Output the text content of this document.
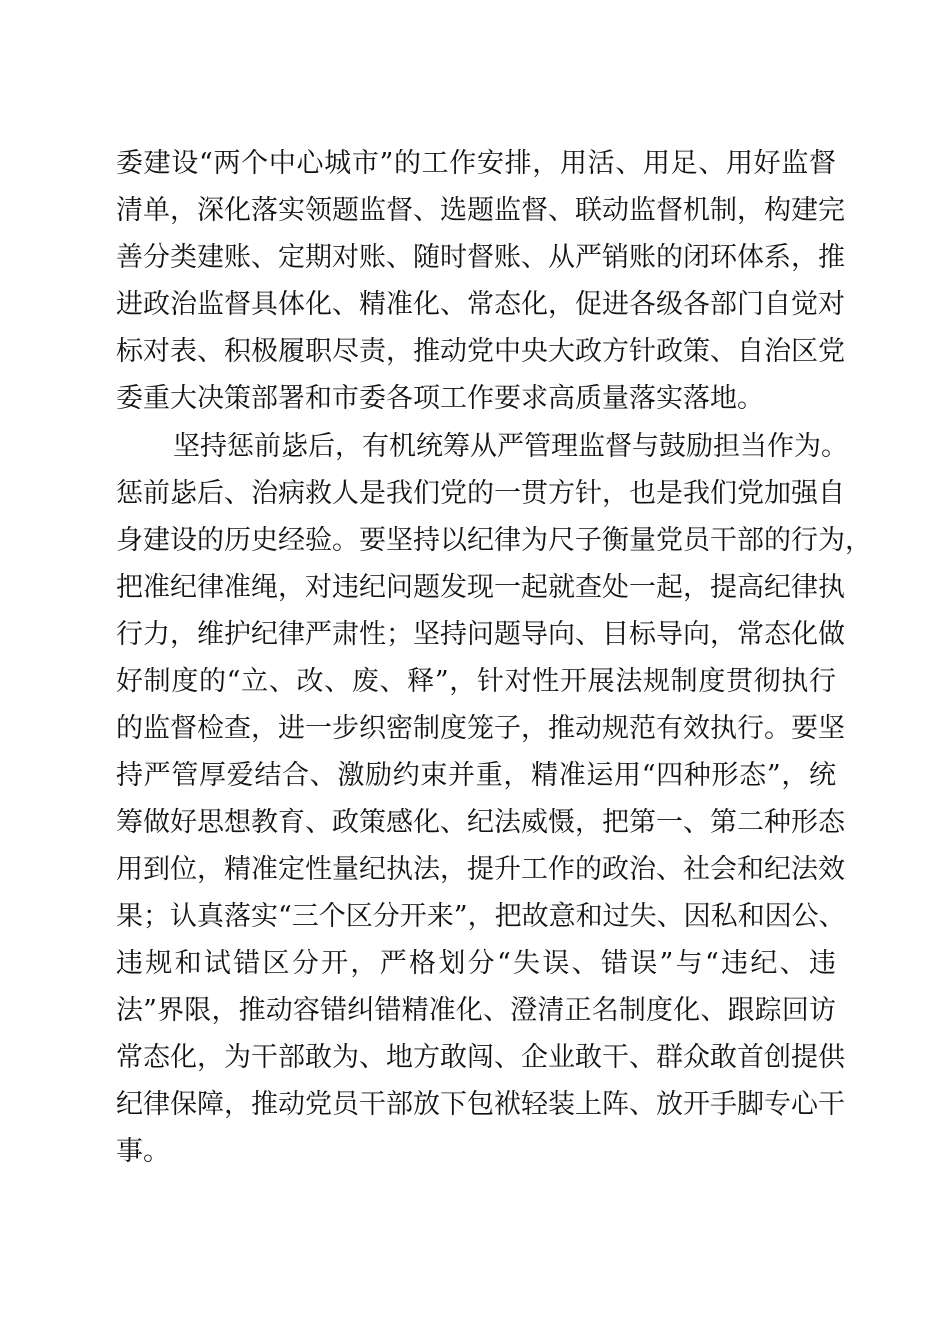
委建设“两个中心城市”的工作安排，用活、用足、用好监督
清单，深化落实领题监督、选题监督、联动监督机制，构建完
善分类建账、定期对账、随时督账、从严销账的闭环体系，推
进政治监督具体化、精准化、常态化，促进各级各部门自觉对
标对表、积极履职尽责，推动党中央大政方针政策、自治区党
委重大决策部署和市委各项工作要求高质量落实落地。
坚持惩前毖后，有机统筹从严管理监督与鼓励担当作为。
惩前毖后、治病救人是我们党的一贯方针，也是我们党加强自
身建设的历史经验。要坚持以纪律为尺子衡量党员干部的行为，
把准纪律准绳，对违纪问题发现一起就查处一起，提高纪律执
行力，维护纪律严肃性；坚持问题导向、目标导向，常态化做
好制度的“立、改、废、释”，针对性开展法规制度贯彻执行
的监督检查，进一步织密制度笼子，推动规范有效执行。要坚
持严管厚爱结合、激励约束并重，精准运用“四种形态”，统
筹做好思想教育、政策感化、纪法威慑，把第一、第二种形态
用到位，精准定性量纪执法，提升工作的政治、社会和纪法效
果；认真落实“三个区分开来”，把故意和过失、因私和因公、
违规和试错区分开，严格划分“失误、错误”与“违纪、违
法”界限，推动容错纠错精准化、澄清正名制度化、跟踪回访
常态化，为干部敢为、地方敢闯、企业敢干、群众敢首创提供
纪律保障，推动党员干部放下包袱轻装上阵、放开手脚专心干
事。
